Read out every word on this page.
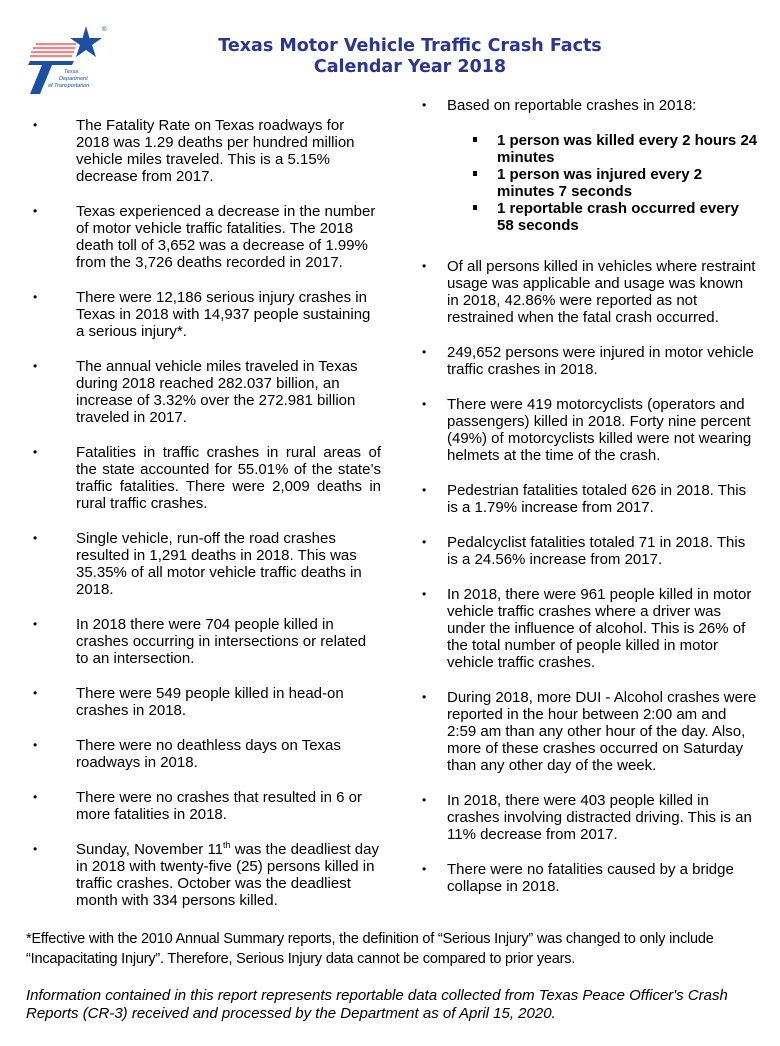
®
Texas
Department
of Transportation
Texas Motor Vehicle Traffic Crash Facts
Calendar Year 2018
•	The Fatality Rate on Texas roadways for 2018 was 1.29 deaths per hundred million vehicle miles traveled. This is a 5.15% decrease from 2017.
•	Texas experienced a decrease in the number of motor vehicle traffic fatalities. The 2018 death toll of 3,652 was a decrease of 1.99% from the 3,726 deaths recorded in 2017.
•	There were 12,186 serious injury crashes in Texas in 2018 with 14,937 people sustaining a serious injury*.
•	The annual vehicle miles traveled in Texas during 2018 reached 282.037 billion, an increase of 3.32% over the 272.981 billion traveled in 2017.
•	Fatalities in traffic crashes in rural areas of the state accounted for 55.01% of the state’s traffic fatalities. There were 2,009 deaths in rural traffic crashes.
•	Single vehicle, run-off the road crashes resulted in 1,291 deaths in 2018. This was 35.35% of all motor vehicle traffic deaths in 2018.
•	In 2018 there were 704 people killed in crashes occurring in intersections or related to an intersection.
•	There were 549 people killed in head-on crashes in 2018.
•	There were no deathless days on Texas roadways in 2018.
•	There were no crashes that resulted in 6 or more fatalities in 2018.
•	Sunday, November 11th was the deadliest day in 2018 with twenty-five (25) persons killed in traffic crashes. October was the deadliest month with 334 persons killed.
• Based on reportable crashes in 2018:
1 person was killed every 2 hours 24 minutes
1 person was injured every 2 minutes 7 seconds
1 reportable crash occurred every 58 seconds
• Of all persons killed in vehicles where restraint usage was applicable and usage was known in 2018, 42.86% were reported as not restrained when the fatal crash occurred.
• 249,652 persons were injured in motor vehicle traffic crashes in 2018.
• There were 419 motorcyclists (operators and passengers) killed in 2018. Forty nine percent (49%) of motorcyclists killed were not wearing helmets at the time of the crash.
• Pedestrian fatalities totaled 626 in 2018. This is a 1.79% increase from 2017.
• Pedalcyclist fatalities totaled 71 in 2018. This is a 24.56% increase from 2017.
• In 2018, there were 961 people killed in motor vehicle traffic crashes where a driver was under the influence of alcohol. This is 26% of the total number of people killed in motor vehicle traffic crashes.
• During 2018, more DUI - Alcohol crashes were reported in the hour between 2:00 am and 2:59 am than any other hour of the day. Also, more of these crashes occurred on Saturday than any other day of the week.
• In 2018, there were 403 people killed in crashes involving distracted driving. This is an 11% decrease from 2017.
• There were no fatalities caused by a bridge collapse in 2018.
*Effective with the 2010 Annual Summary reports, the definition of “Serious Injury” was changed to only include “Incapacitating Injury”. Therefore, Serious Injury data cannot be compared to prior years.
Information contained in this report represents reportable data collected from Texas Peace Officer's Crash Reports (CR-3) received and processed by the Department as of April 15, 2020.
